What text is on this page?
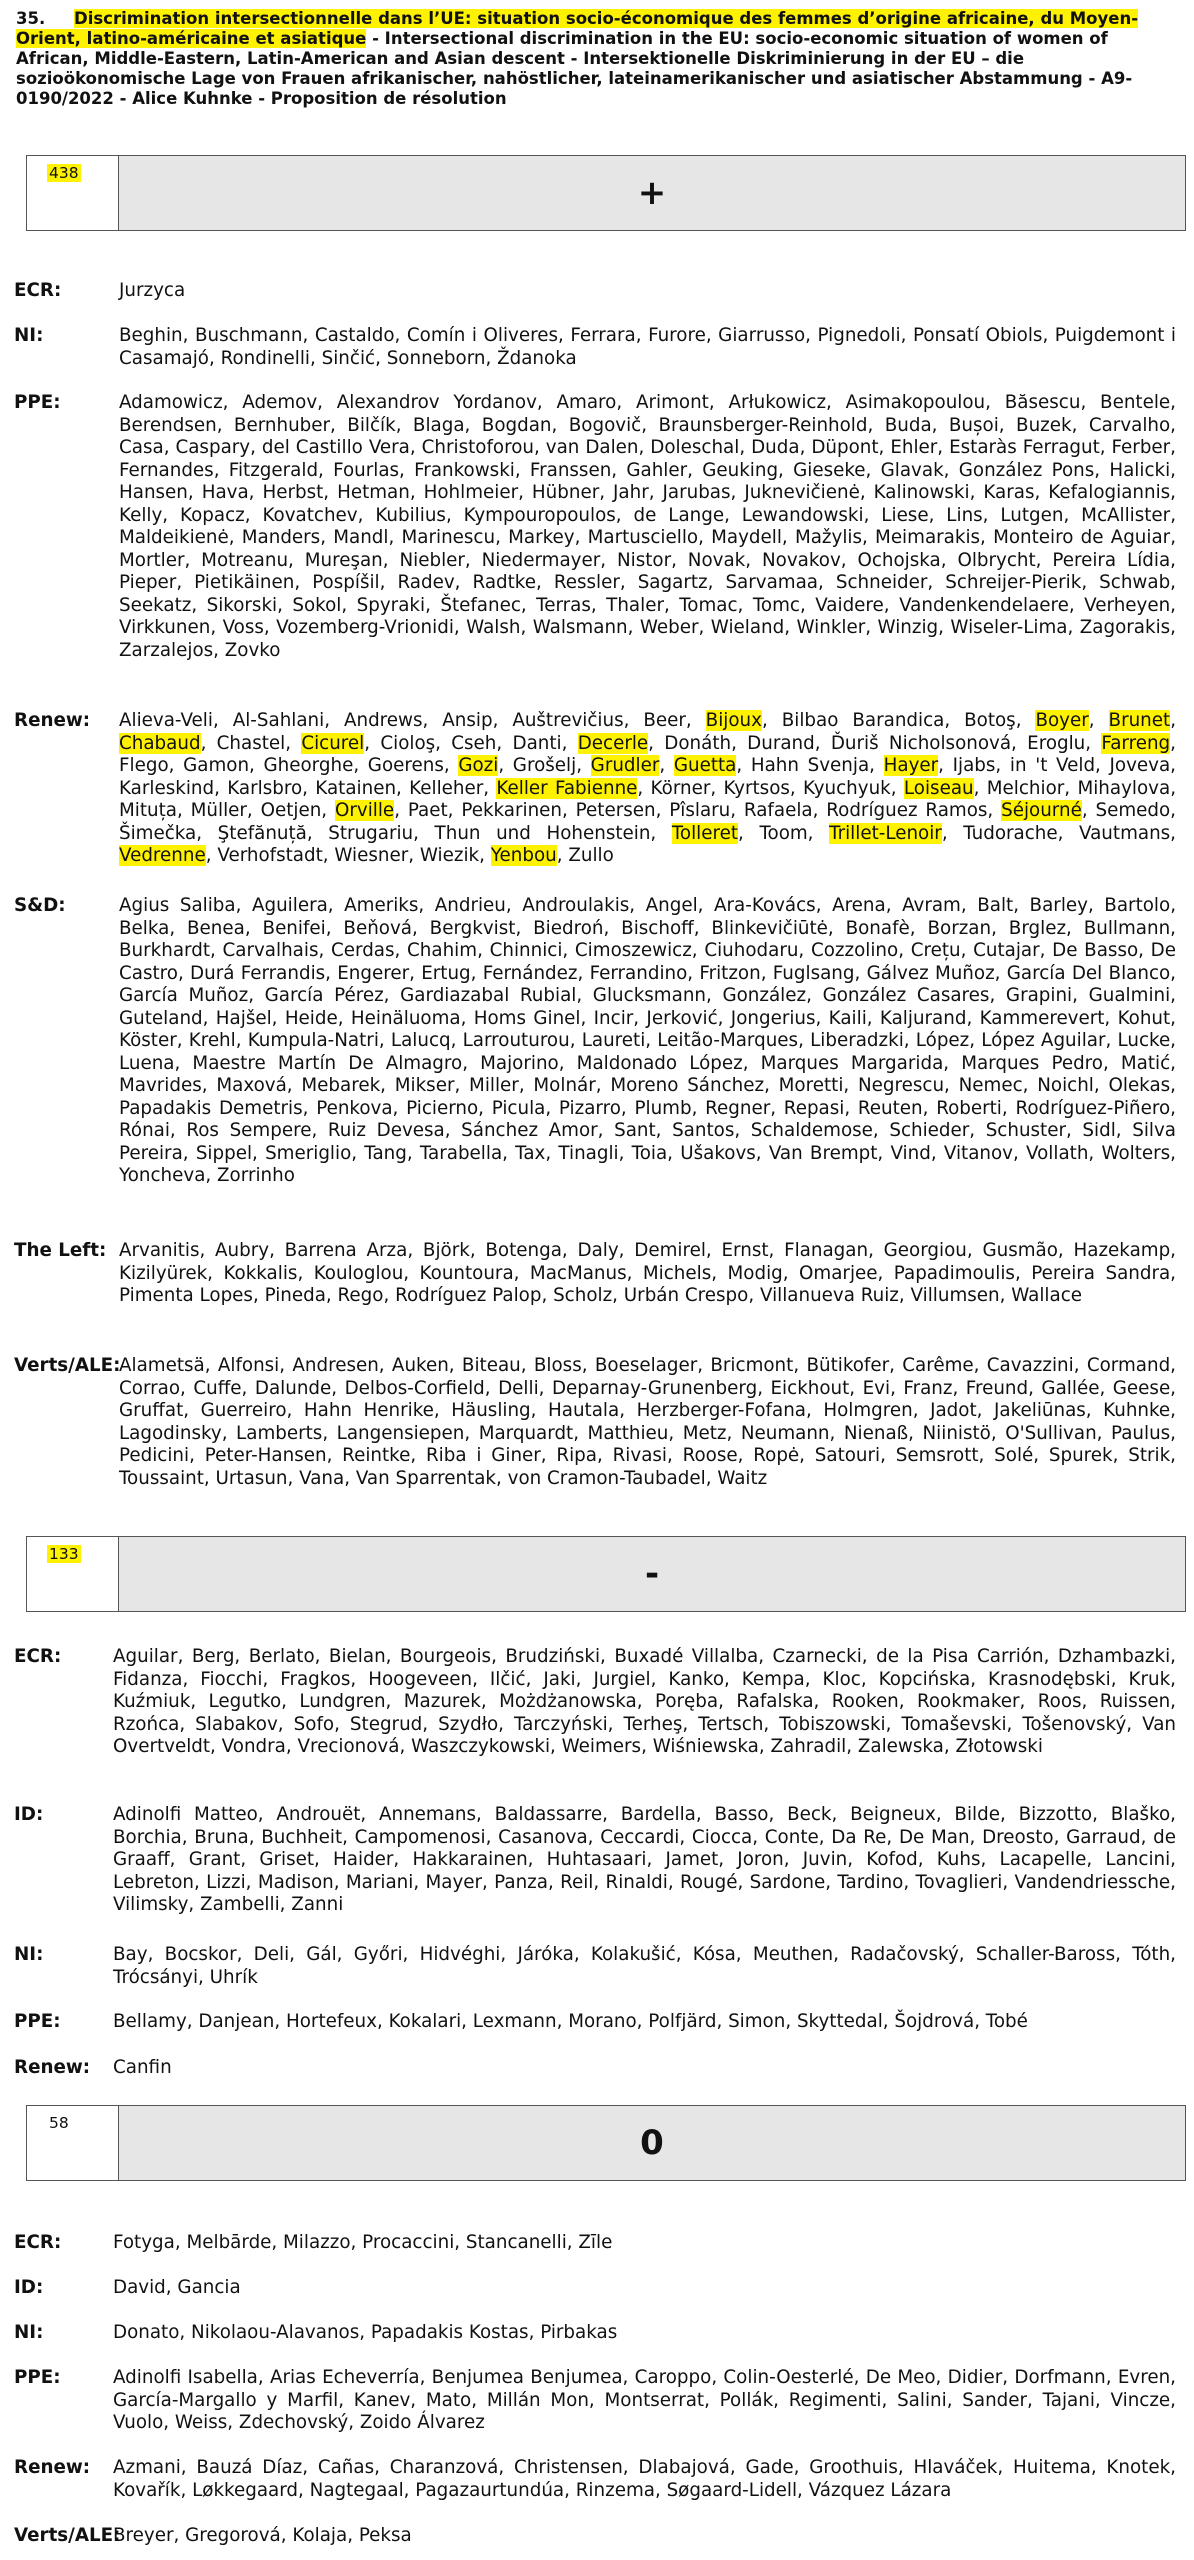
35. Discrimination intersectionnelle dans l’UE: situation socio-économique des femmes d’origine africaine, du Moyen-Orient, latino-américaine et asiatique - Intersectional discrimination in the EU: socio-economic situation of women of African, Middle-Eastern, Latin-American and Asian descent - Intersektionelle Diskriminierung in der EU – die sozioökonomische Lage von Frauen afrikanischer, nahöstlicher, lateinamerikanischer und asiatischer Abstammung - A9-0190/2022 - Alice Kuhnke - Proposition de résolution
438	+
ECR:	Jurzyca
NI:	Beghin, Buschmann, Castaldo, Comín i Oliveres, Ferrara, Furore, Giarrusso, Pignedoli, Ponsatí Obiols, Puigdemont i Casamajó, Rondinelli, Sinčić, Sonneborn, Ždanoka
PPE:	Adamowicz, Ademov, Alexandrov Yordanov, Amaro, Arimont, Arłukowicz, Asimakopoulou, Băsescu, Bentele, Berendsen, Bernhuber, Bilčík, Blaga, Bogdan, Bogovič, Braunsberger-Reinhold, Buda, Bușoi, Buzek, Carvalho, Casa, Caspary, del Castillo Vera, Christoforou, van Dalen, Doleschal, Duda, Düpont, Ehler, Estaràs Ferragut, Ferber, Fernandes, Fitzgerald, Fourlas, Frankowski, Franssen, Gahler, Geuking, Gieseke, Glavak, González Pons, Halicki, Hansen, Hava, Herbst, Hetman, Hohlmeier, Hübner, Jahr, Jarubas, Juknevičienė, Kalinowski, Karas, Kefalogiannis, Kelly, Kopacz, Kovatchev, Kubilius, Kympouropoulos, de Lange, Lewandowski, Liese, Lins, Lutgen, McAllister, Maldeikienė, Manders, Mandl, Marinescu, Markey, Martusciello, Maydell, Mažylis, Meimarakis, Monteiro de Aguiar, Mortler, Motreanu, Mureşan, Niebler, Niedermayer, Nistor, Novak, Novakov, Ochojska, Olbrycht, Pereira Lídia, Pieper, Pietikäinen, Pospíšil, Radev, Radtke, Ressler, Sagartz, Sarvamaa, Schneider, Schreijer-Pierik, Schwab, Seekatz, Sikorski, Sokol, Spyraki, Štefanec, Terras, Thaler, Tomac, Tomc, Vaidere, Vandenkendelaere, Verheyen, Virkkunen, Voss, Vozemberg-Vrionidi, Walsh, Walsmann, Weber, Wieland, Winkler, Winzig, Wiseler-Lima, Zagorakis, Zarzalejos, Zovko
Renew: Alieva-Veli, Al-Sahlani, Andrews, Ansip, Auštrevičius, Beer, Bijoux, Bilbao Barandica, Botoş, Boyer, Brunet, Chabaud, Chastel, Cicurel, Cioloş, Cseh, Danti, Decerle, Donáth, Durand, Ďuriš Nicholsonová, Eroglu, Farreng, Flego, Gamon, Gheorghe, Goerens, Gozi, Grošelj, Grudler, Guetta, Hahn Svenja, Hayer, Ijabs, in 't Veld, Joveva, Karleskind, Karlsbro, Katainen, Kelleher, Keller Fabienne, Körner, Kyrtsos, Kyuchyuk, Loiseau, Melchior, Mihaylova, Mituța, Müller, Oetjen, Orville, Paet, Pekkarinen, Petersen, Pîslaru, Rafaela, Rodríguez Ramos, Séjourné, Semedo, Šimečka, Ştefănuță, Strugariu, Thun und Hohenstein, Tolleret, Toom, Trillet-Lenoir, Tudorache, Vautmans, Vedrenne, Verhofstadt, Wiesner, Wiezik, Yenbou, Zullo
S&D:	Agius Saliba, Aguilera, Ameriks, Andrieu, Androulakis, Angel, Ara-Kovács, Arena, Avram, Balt, Barley, Bartolo, Belka, Benea, Benifei, Beňová, Bergkvist, Biedroń, Bischoff, Blinkevičiūtė, Bonafè, Borzan, Brglez, Bullmann, Burkhardt, Carvalhais, Cerdas, Chahim, Chinnici, Cimoszewicz, Ciuhodaru, Cozzolino, Crețu, Cutajar, De Basso, De Castro, Durá Ferrandis, Engerer, Ertug, Fernández, Ferrandino, Fritzon, Fuglsang, Gálvez Muñoz, García Del Blanco, García Muñoz, García Pérez, Gardiazabal Rubial, Glucksmann, González, González Casares, Grapini, Gualmini, Guteland, Hajšel, Heide, Heinäluoma, Homs Ginel, Incir, Jerković, Jongerius, Kaili, Kaljurand, Kammerevert, Kohut, Köster, Krehl, Kumpula-Natri, Lalucq, Larrouturou, Laureti, Leitão-Marques, Liberadzki, López, López Aguilar, Lucke, Luena, Maestre Martín De Almagro, Majorino, Maldonado López, Marques Margarida, Marques Pedro, Matić, Mavrides, Maxová, Mebarek, Mikser, Miller, Molnár, Moreno Sánchez, Moretti, Negrescu, Nemec, Noichl, Olekas, Papadakis Demetris, Penkova, Picierno, Picula, Pizarro, Plumb, Regner, Repasi, Reuten, Roberti, Rodríguez-Piñero, Rónai, Ros Sempere, Ruiz Devesa, Sánchez Amor, Sant, Santos, Schaldemose, Schieder, Schuster, Sidl, Silva Pereira, Sippel, Smeriglio, Tang, Tarabella, Tax, Tinagli, Toia, Ušakovs, Van Brempt, Vind, Vitanov, Vollath, Wolters, Yoncheva, Zorrinho
The Left: Arvanitis, Aubry, Barrena Arza, Björk, Botenga, Daly, Demirel, Ernst, Flanagan, Georgiou, Gusmão, Hazekamp, Kizilyürek, Kokkalis, Kouloglou, Kountoura, MacManus, Michels, Modig, Omarjee, Papadimoulis, Pereira Sandra, Pimenta Lopes, Pineda, Rego, Rodríguez Palop, Scholz, Urbán Crespo, Villanueva Ruiz, Villumsen, Wallace
Verts/ALE:
Alametsä, Alfonsi, Andresen, Auken, Biteau, Bloss, Boeselager, Bricmont, Bütikofer, Carême, Cavazzini, Cormand, Corrao, Cuffe, Dalunde, Delbos-Corfield, Delli, Deparnay-Grunenberg, Eickhout, Evi, Franz, Freund, Gallée, Geese, Gruffat, Guerreiro, Hahn Henrike, Häusling, Hautala, Herzberger-Fofana, Holmgren, Jadot, Jakeliūnas, Kuhnke, Lagodinsky, Lamberts, Langensiepen, Marquardt, Matthieu, Metz, Neumann, Nienaß, Niinistö, O'Sullivan, Paulus, Pedicini, Peter-Hansen, Reintke, Riba i Giner, Ripa, Rivasi, Roose, Ropė, Satouri, Semsrott, Solé, Spurek, Strik, Toussaint, Urtasun, Vana, Van Sparrentak, von Cramon-Taubadel, Waitz
133	-
ECR:	Aguilar, Berg, Berlato, Bielan, Bourgeois, Brudziński, Buxadé Villalba, Czarnecki, de la Pisa Carrión, Dzhambazki, Fidanza, Fiocchi, Fragkos, Hoogeveen, Ilčić, Jaki, Jurgiel, Kanko, Kempa, Kloc, Kopcińska, Krasnodębski, Kruk, Kuźmiuk, Legutko, Lundgren, Mazurek, Możdżanowska, Poręba, Rafalska, Rooken, Rookmaker, Roos, Ruissen, Rzońca, Slabakov, Sofo, Stegrud, Szydło, Tarczyński, Terheş, Tertsch, Tobiszowski, Tomaševski, Tošenovský, Van Overtveldt, Vondra, Vrecionová, Waszczykowski, Weimers, Wiśniewska, Zahradil, Zalewska, Złotowski
ID:	Adinolfi Matteo, Androuët, Annemans, Baldassarre, Bardella, Basso, Beck, Beigneux, Bilde, Bizzotto, Blaško, Borchia, Bruna, Buchheit, Campomenosi, Casanova, Ceccardi, Ciocca, Conte, Da Re, De Man, Dreosto, Garraud, de Graaff, Grant, Griset, Haider, Hakkarainen, Huhtasaari, Jamet, Joron, Juvin, Kofod, Kuhs, Lacapelle, Lancini, Lebreton, Lizzi, Madison, Mariani, Mayer, Panza, Reil, Rinaldi, Rougé, Sardone, Tardino, Tovaglieri, Vandendriessche, Vilimsky, Zambelli, Zanni
NI:	Bay, Bocskor, Deli, Gál, Győri, Hidvéghi, Járóka, Kolakušić, Kósa, Meuthen, Radačovský, Schaller-Baross, Tóth, Trócsányi, Uhrík
PPE:	Bellamy, Danjean, Hortefeux, Kokalari, Lexmann, Morano, Polfjärd, Simon, Skyttedal, Šojdrová, Tobé
Renew: Canfin
58	0
ECR:	Fotyga, Melbārde, Milazzo, Procaccini, Stancanelli, Zīle
ID:	David, Gancia
NI:	Donato, Nikolaou-Alavanos, Papadakis Kostas, Pirbakas
PPE:	Adinolfi Isabella, Arias Echeverría, Benjumea Benjumea, Caroppo, Colin-Oesterlé, De Meo, Didier, Dorfmann, Evren, García-Margallo y Marfil, Kanev, Mato, Millán Mon, Montserrat, Pollák, Regimenti, Salini, Sander, Tajani, Vincze, Vuolo, Weiss, Zdechovský, Zoido Álvarez
Renew: Azmani, Bauzá Díaz, Cañas, Charanzová, Christensen, Dlabajová, Gade, Groothuis, Hlaváček, Huitema, Knotek, Kovařík, Løkkegaard, Nagtegaal, Pagazaurtundúa, Rinzema, Søgaard-Lidell, Vázquez Lázara
Verts/ALE:
Breyer, Gregorová, Kolaja, Peksa
